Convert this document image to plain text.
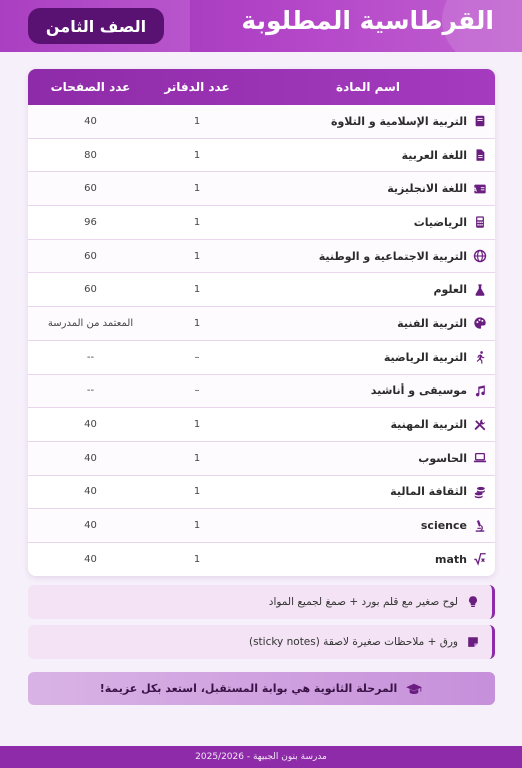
القرطاسية المطلوبة
الصف الثامن
اسم المادة
عدد الدفاتر
عدد الصفحات
التربية الإسلامية و التلاوة
1
40
اللغة العربية
1
80
A
اللغة الانجليزية
1
60
الرياضيات
1
96
التربية الاجتماعية و الوطنية
1
60
العلوم
1
60
التربية الفنية
1
المعتمد من المدرسة
التربية الرياضية
–
--
موسيقى و أناشيد
–
--
التربية المهنية
1
40
الحاسوب
1
40
الثقافة المالية
1
40
science
1
40
math
1
40
لوح صغير مع قلم بورد + صمغ لجميع المواد
ورق + ملاحظات صغيرة لاصقة (sticky notes)
المرحلة الثانوية هي بوابة المستقبل، استعد بكل عزيمة!
مدرسة بنون الجبيهة - 2025/2026
